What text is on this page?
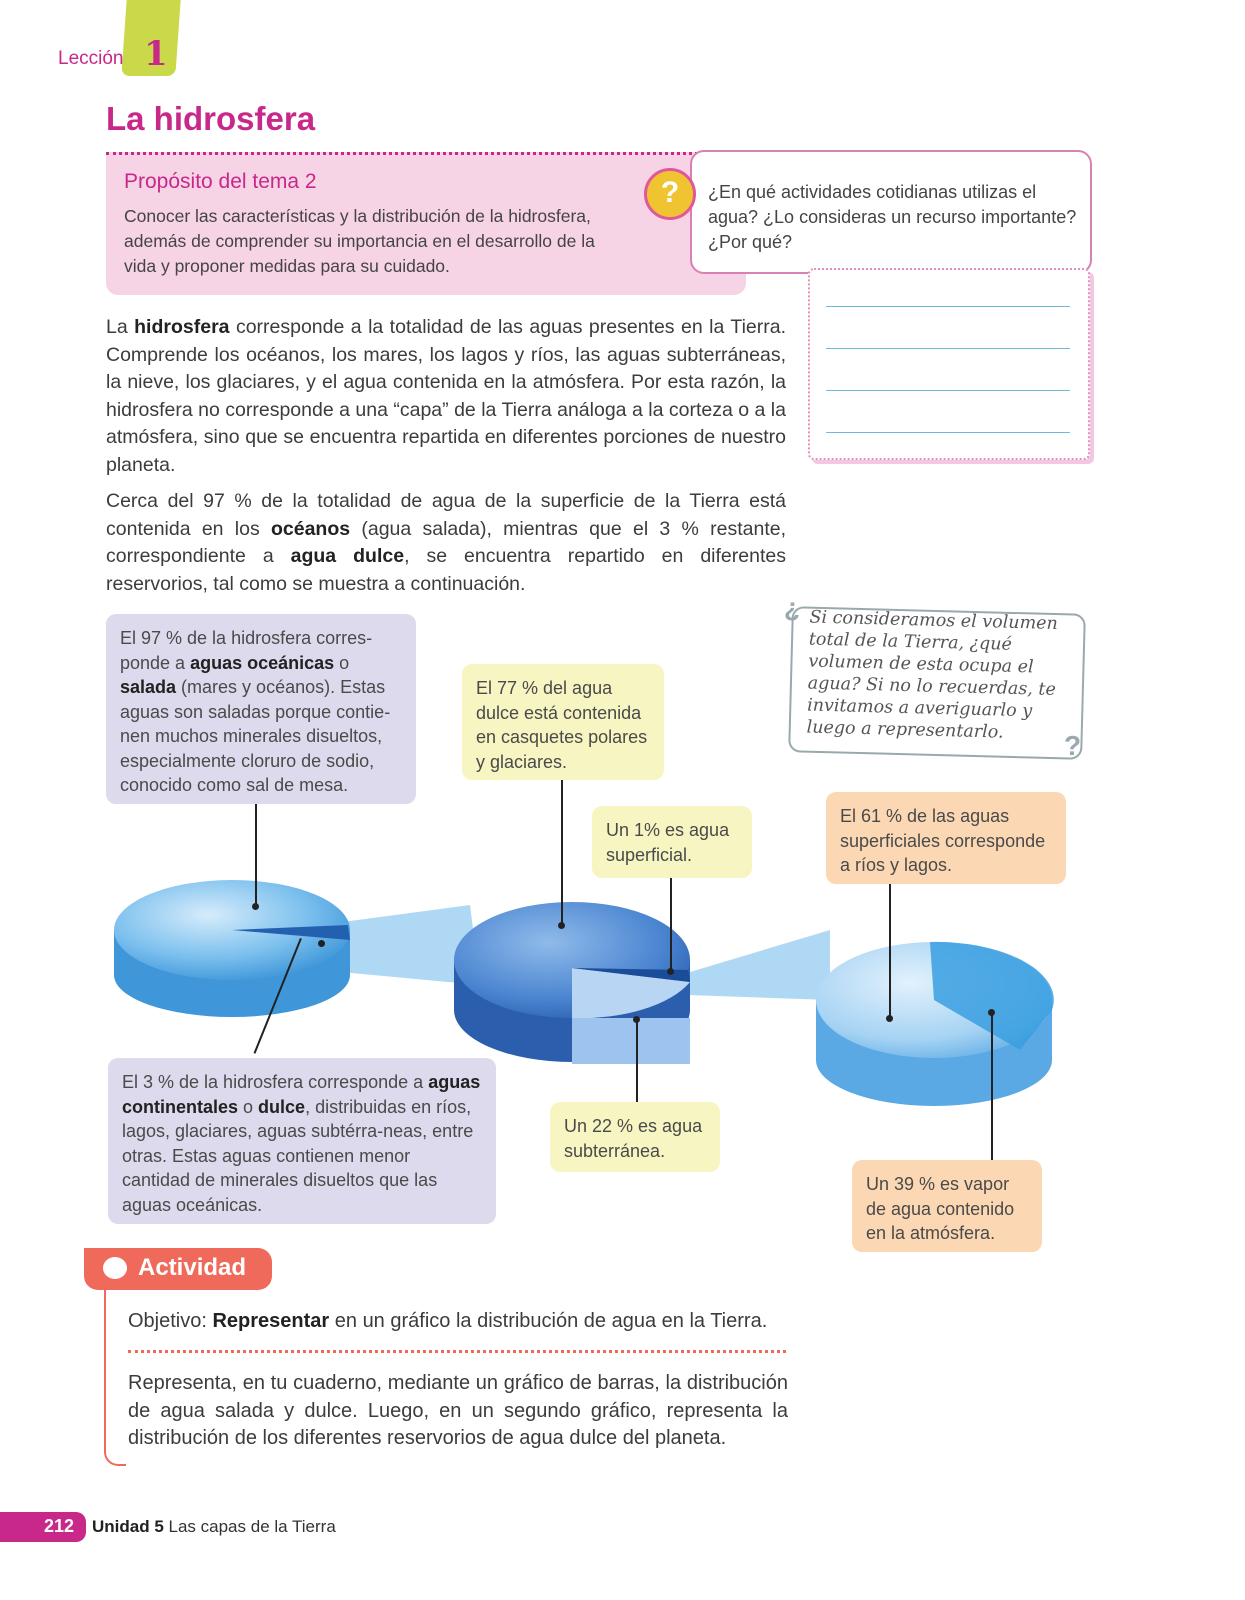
Lección 1
La hidrosfera
Propósito del tema 2
Conocer las características y la distribución de la hidrosfera, además de comprender su importancia en el desarrollo de la vida y proponer medidas para su cuidado.
?	¿En qué actividades cotidianas utilizas el agua? ¿Lo consideras un recurso importante? ¿Por qué?
La hidrosfera corresponde a la totalidad de las aguas presentes en la Tierra. Comprende los océanos, los mares, los lagos y ríos, las aguas subterráneas, la nieve, los glaciares, y el agua contenida en la atmósfera. Por esta razón, la hidrosfera no corresponde a una “capa” de la Tierra análoga a la corteza o a la atmósfera, sino que se encuentra repartida en diferentes porciones de nuestro planeta.
Cerca del 97 % de la totalidad de agua de la superficie de la Tierra está contenida en los océanos (agua salada), mientras que el 3 % restante, correspondiente a agua dulce, se encuentra repartido en diferentes reservorios, tal como se muestra a continuación.
¿ Si consideramos el volumen total de la Tierra, ¿qué volumen de esta ocupa el agua? Si no lo recuerdas, te invitamos a averiguarlo y luego a representarlo.	?
El 97 % de la hidrosfera corres-ponde a aguas oceánicas o salada (mares y océanos). Estas aguas son saladas porque contie-nen muchos minerales disueltos, especialmente cloruro de sodio, conocido como sal de mesa.
El 3 % de la hidrosfera corresponde a aguas continentales o dulce, distribuidas en ríos, lagos, glaciares, aguas subtérra-neas, entre otras. Estas aguas contienen menor cantidad de minerales disueltos que las aguas oceánicas.
El 77 % del agua dulce está contenida en casquetes polares y glaciares.
Un 1% es agua superficial.
Un 22 % es agua subterránea.
El 61 % de las aguas superficiales corresponde a ríos y lagos.
Un 39 % es vapor de agua contenido en la atmósfera.
Actividad
Objetivo: Representar en un gráfico la distribución de agua en la Tierra.
Representa, en tu cuaderno, mediante un gráfico de barras, la distribución de agua salada y dulce. Luego, en un segundo gráfico, representa la distribución de los diferentes reservorios de agua dulce del planeta.
212 Unidad 5 Las capas de la Tierra
